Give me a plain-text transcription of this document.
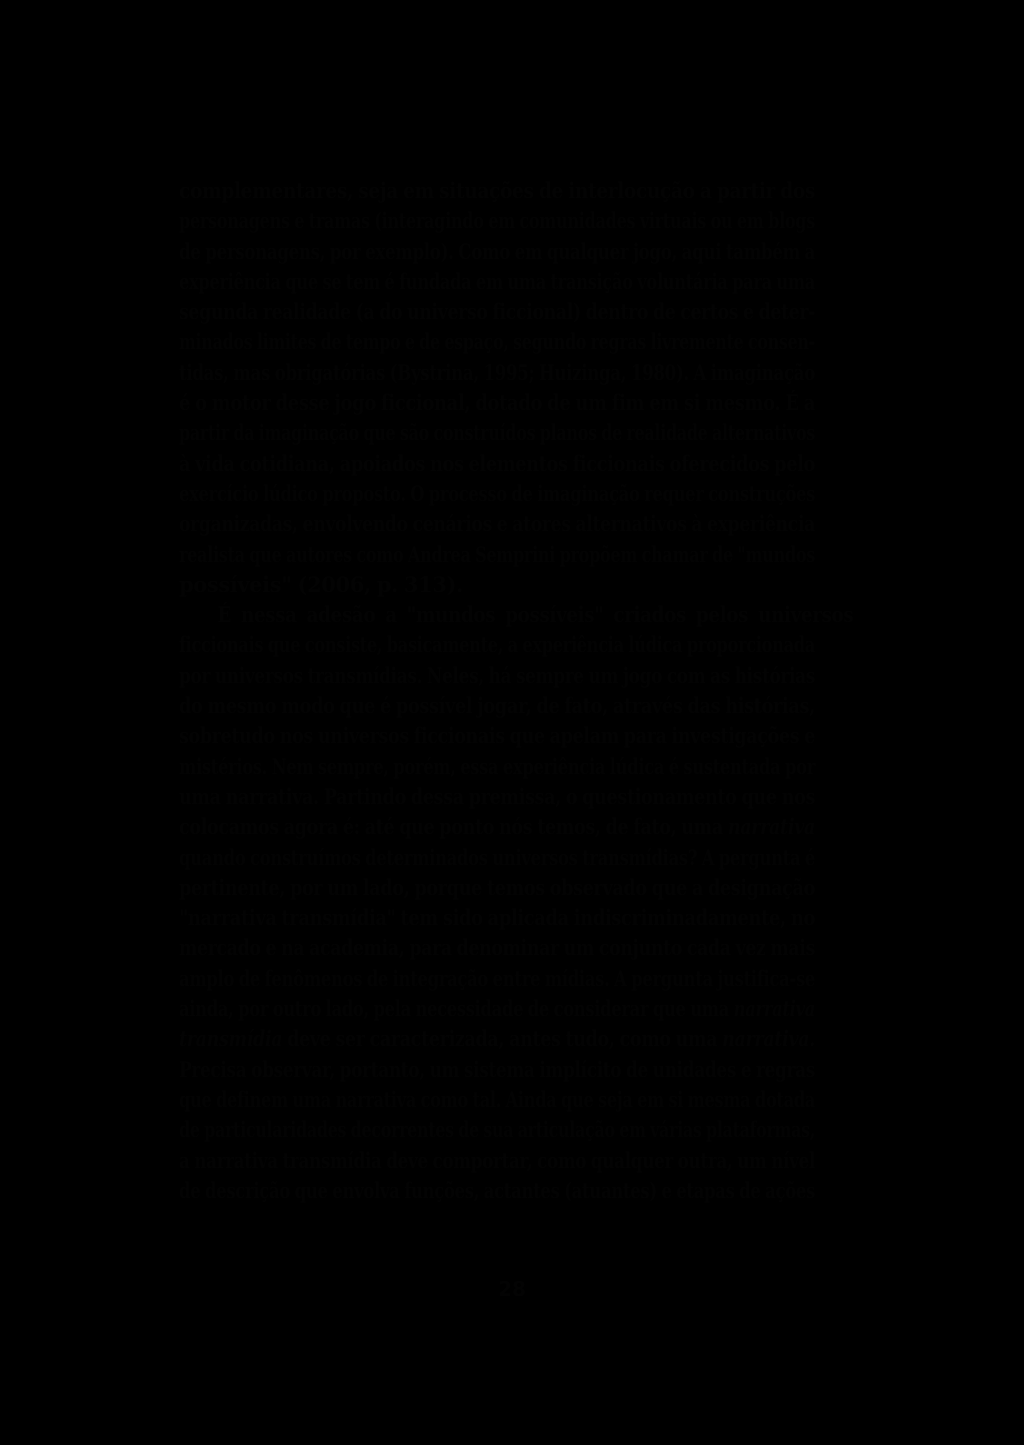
complementares, seja em situações de interlocução a partir dos
personagens e tramas (interagindo em comunidades virtuais ou em blogs
de personagens, por exemplo). Como em qualquer jogo, aqui também a
experiência que se tem é fundada em uma transição voluntária para uma
segunda realidade (a do universo ficcional) dentro de certos e deter-
minados limites de tempo e de espaço, segundo regras livremente consen-
tidas, mas obrigatórias (Bystrina, 1995; Huizinga, 1980). A imaginação
é o motor desse jogo ficcional, dotado de um fim em si mesmo. É a
partir da imaginação que são construídos planos de realidade alternativos
à vida cotidiana, apoiados nos elementos ficcionais oferecidos pelo
exercício lúdico proposto. O processo de imaginação requer construções
organizadas, envolvendo cenários e atores alternativos à experiência
realista que autores como Andrea Semprini propõem chamar de "mundos
possíveis" (2006, p. 313).
É nessa adesão a "mundos possíveis" criados pelos universos
ficcionais que consiste, basicamente, a experiência lúdica proporcionada
por universos transmídias. Neles, há sempre um jogo com as histórias
do mesmo modo que é possível jogar, de fato, através das histórias,
sobretudo nos universos ficcionais que apelam para investigações e
mistérios. Nem sempre, porém, essa experiência lúdica é sustentada por
uma narrativa. Partindo dessa premissa, o questionamento que nos
colocamos agora é: até que ponto nós temos, de fato, uma narrativa
quando construímos determinados universos transmídias? A pergunta é
pertinente, por um lado, porque temos observado que a designação
"narrativa transmídia" tem sido aplicada indiscriminadamente, no
mercado e na academia, para denominar um conjunto cada vez mais
amplo de fenômenos de integração entre mídias. A pergunta justifica-se
ainda, por outro lado, pela necessidade de considerar que uma narrativa
transmídia deve ser caracterizada, antes tudo, como uma narrativa.
Precisa observar, portanto, um sistema implícito de unidades e regras
que definem uma narrativa como tal. Ainda que seja em si mesma dotada
de particularidades decorrentes de sua articulação em várias plataformas,
a narrativa transmídia deve comportar, como qualquer outra, um nível
de descrição que envolva funções, actantes (atuantes) e etapas de ações
28
